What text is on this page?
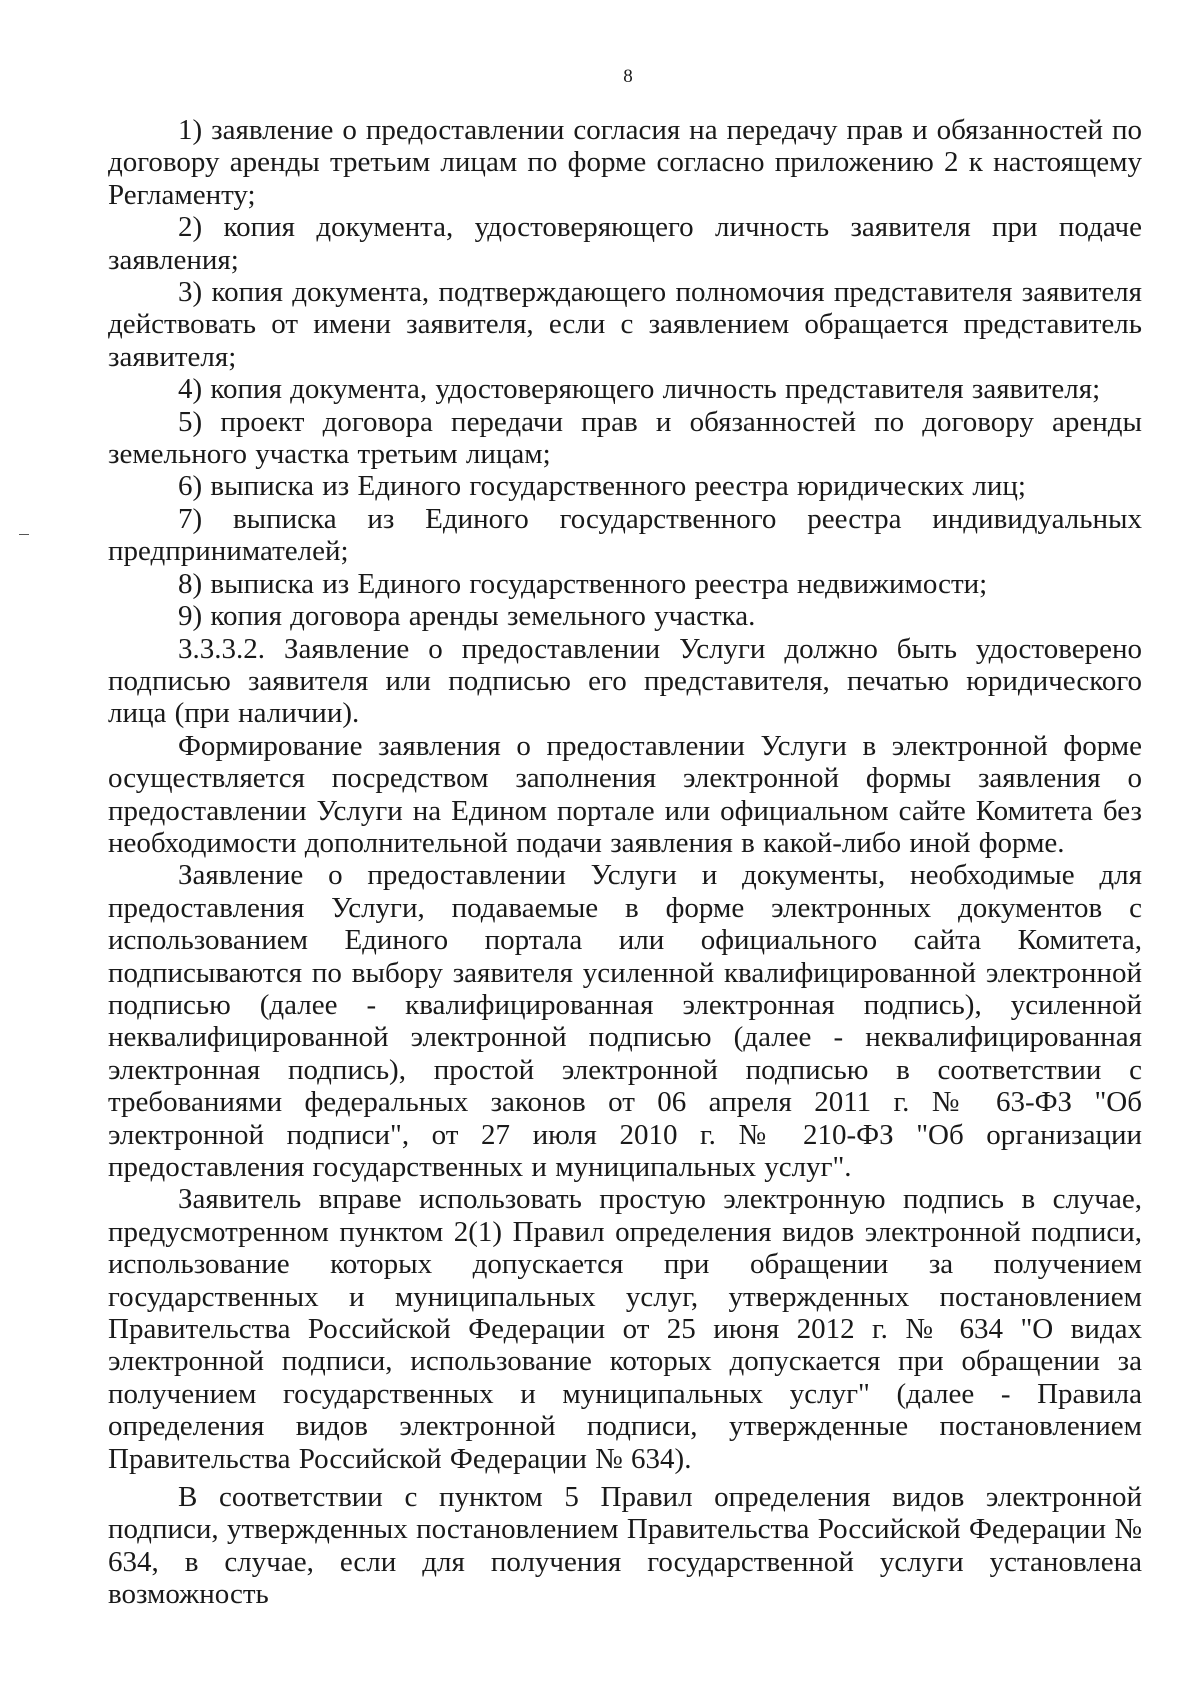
8

1) заявление о предоставлении согласия на передачу прав и обязанностей по договору аренды третьим лицам по форме согласно приложению 2 к настоящему Регламенту;

2) копия документа, удостоверяющего личность заявителя при подаче заявления;

3) копия документа, подтверждающего полномочия представителя заявителя действовать от имени заявителя, если с заявлением обращается представитель заявителя;

4) копия документа, удостоверяющего личность представителя заявителя;

5) проект договора передачи прав и обязанностей по договору аренды земельного участка третьим лицам;

6) выписка из Единого государственного реестра юридических лиц;

7) выписка из Единого государственного реестра индивидуальных предпринимателей;

8) выписка из Единого государственного реестра недвижимости;

9) копия договора аренды земельного участка.

3.3.3.2. Заявление о предоставлении Услуги должно быть удостоверено подписью заявителя или подписью его представителя, печатью юридического лица (при наличии).

Формирование заявления о предоставлении Услуги в электронной форме осуществляется посредством заполнения электронной формы заявления о предоставлении Услуги на Едином портале или официальном сайте Комитета без необходимости дополнительной подачи заявления в какой-либо иной форме.

Заявление о предоставлении Услуги и документы, необходимые для предоставления Услуги, подаваемые в форме электронных документов с использованием Единого портала или официального сайта Комитета, подписываются по выбору заявителя усиленной квалифицированной электронной подписью (далее - квалифицированная электронная подпись), усиленной неквалифицированной электронной подписью (далее - неквалифицированная электронная подпись), простой электронной подписью в соответствии с требованиями федеральных законов от 06 апреля 2011 г. № 63-ФЗ "Об электронной подписи", от 27 июля 2010 г. № 210-ФЗ "Об организации предоставления государственных и муниципальных услуг".

Заявитель вправе использовать простую электронную подпись в случае, предусмотренном пунктом 2(1) Правил определения видов электронной подписи, использование которых допускается при обращении за получением государственных и муниципальных услуг, утвержденных постановлением Правительства Российской Федерации от 25 июня 2012 г. № 634 "О видах электронной подписи, использование которых допускается при обращении за получением государственных и муниципальных услуг" (далее - Правила определения видов электронной подписи, утвержденные постановлением Правительства Российской Федерации № 634).

В соответствии с пунктом 5 Правил определения видов электронной подписи, утвержденных постановлением Правительства Российской Федерации № 634, в случае, если для получения государственной услуги установлена возможность
